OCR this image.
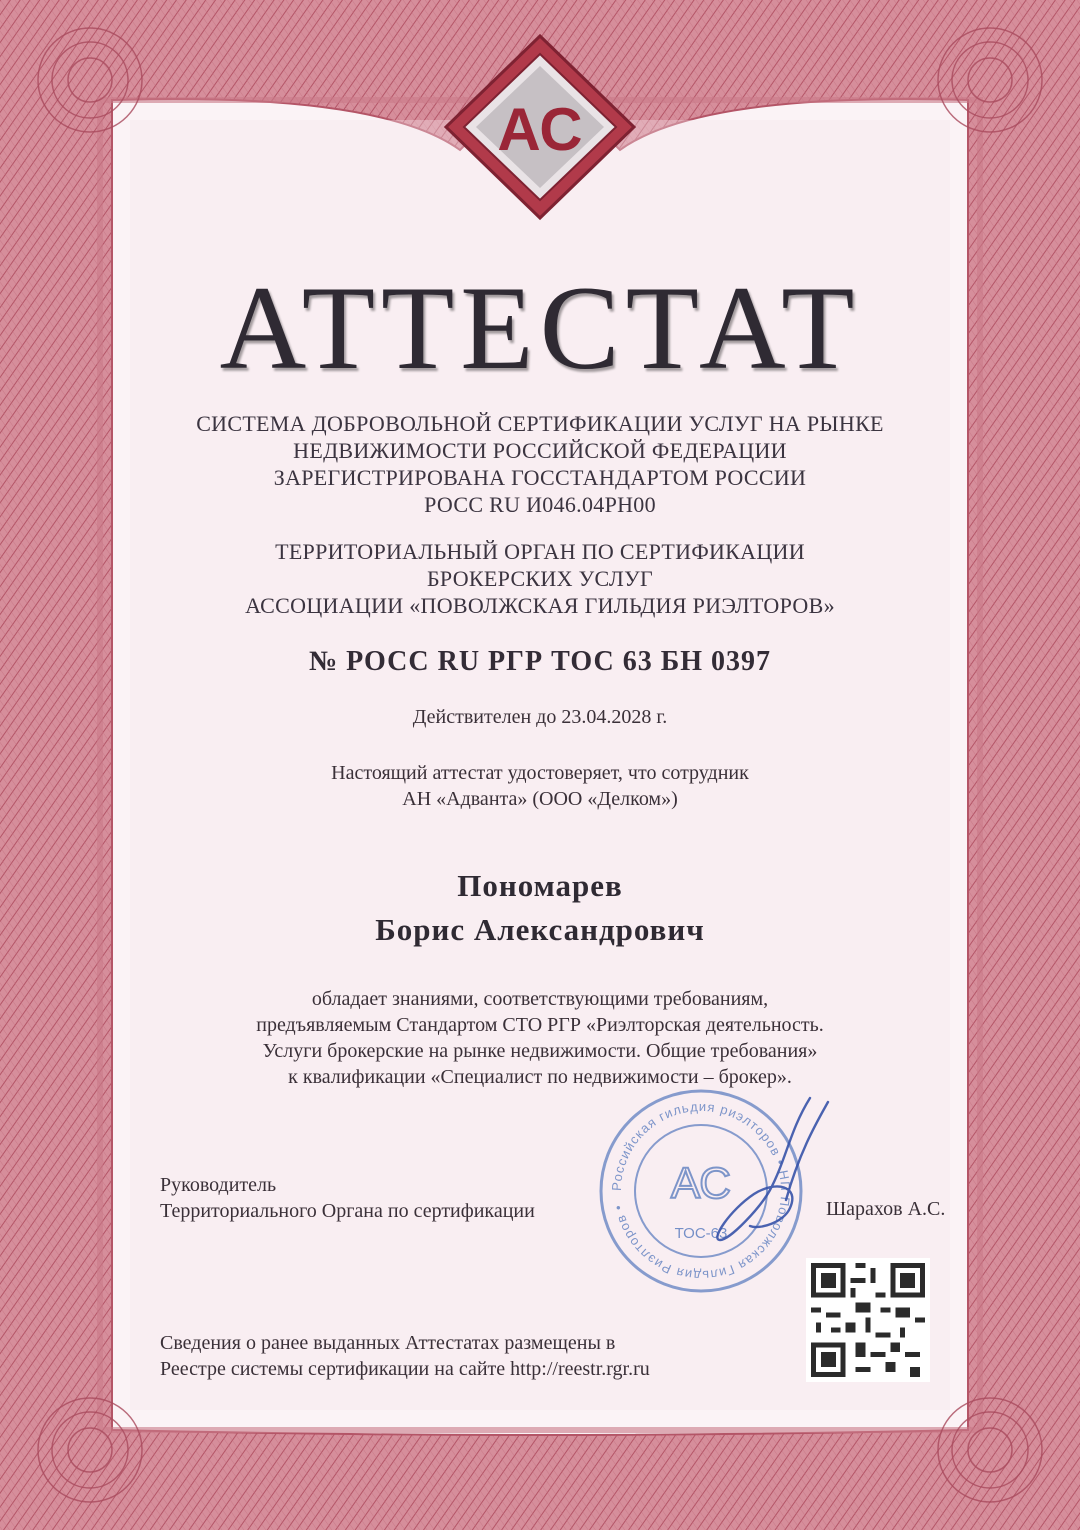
АС
АТТЕСТАТ
СИСТЕМА ДОБРОВОЛЬНОЙ СЕРТИФИКАЦИИ УСЛУГ НА РЫНКЕ
НЕДВИЖИМОСТИ РОССИЙСКОЙ ФЕДЕРАЦИИ
ЗАРЕГИСТРИРОВАНА ГОССТАНДАРТОМ РОССИИ
РОСС RU И046.04РН00
ТЕРРИТОРИАЛЬНЫЙ ОРГАН ПО СЕРТИФИКАЦИИ
БРОКЕРСКИХ УСЛУГ
АССОЦИАЦИИ «ПОВОЛЖСКАЯ ГИЛЬДИЯ РИЭЛТОРОВ»
№ РОСС RU РГР ТОС 63 БН 0397
Действителен до 23.04.2028 г.
Настоящий аттестат удостоверяет, что сотрудник
АН «Адванта» (ООО «Делком»)
Пономарев
Борис Александрович
обладает знаниями, соответствующими требованиям,
предъявляемым Стандартом СТО РГР «Риэлторская деятельность.
Услуги брокерские на рынке недвижимости. Общие требования»
к квалификации «Специалист по недвижимости – брокер».
Российская гильдия риэлторов • НП Поволжская Гильдия Риэлторов •	АС
ТОС-63
Руководитель
Территориального Органа по сертификации	Шарахов А.С.
Сведения о ранее выданных Аттестатах размещены в
Реестре системы сертификации на сайте http://reestr.rgr.ru
